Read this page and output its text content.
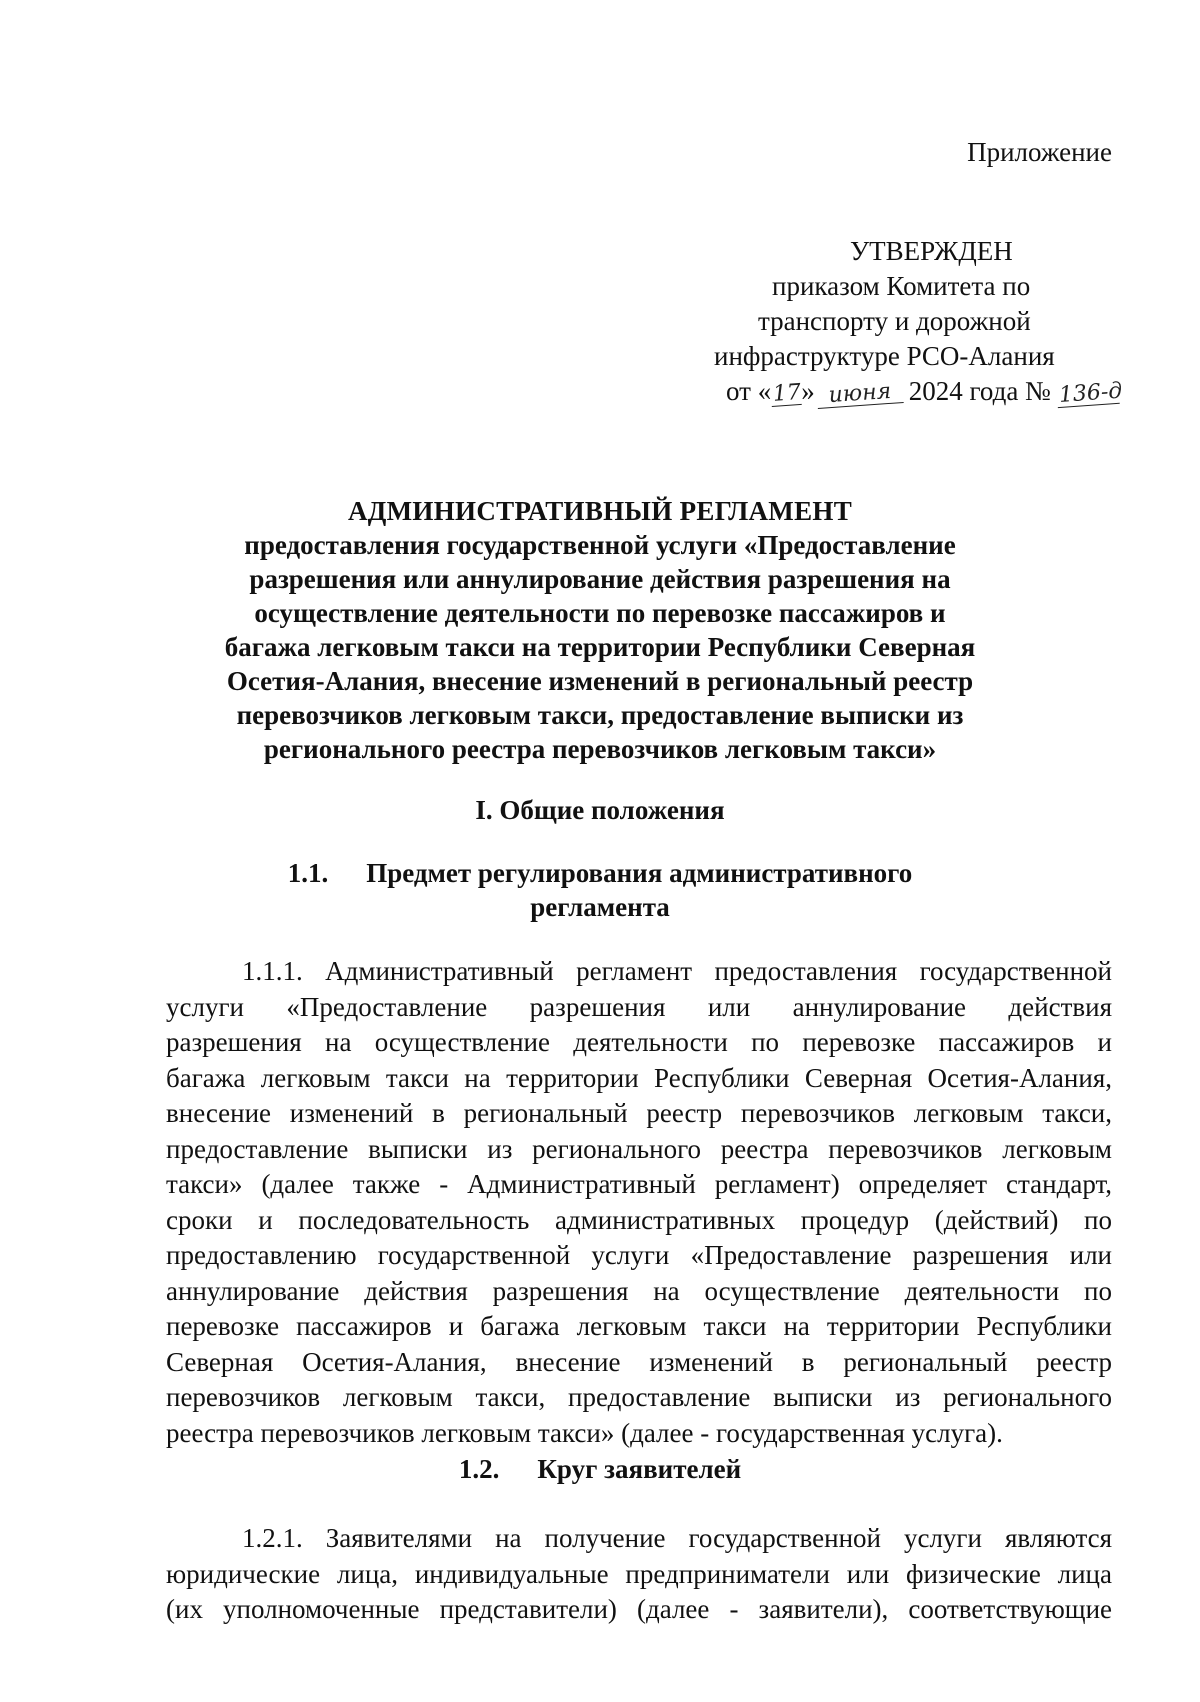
Приложение
УТВЕРЖДЕН
приказом Комитета по
транспорту и дорожной
инфраструктуре РСО-Алания
от «17» июня 2024 года № 136-д
АДМИНИСТРАТИВНЫЙ РЕГЛАМЕНТ
предоставления государственной услуги «Предоставление
разрешения или аннулирование действия разрешения на
осуществление деятельности по перевозке пассажиров и
багажа легковым такси на территории Республики Северная
Осетия-Алания, внесение изменений в региональный реестр
перевозчиков легковым такси, предоставление выписки из
регионального реестра перевозчиков легковым такси»
I. Общие положения
1.1. Предмет регулирования административного
регламента
1.1.1. Административный регламент предоставления государственной
услуги «Предоставление разрешения или аннулирование действия
разрешения на осуществление деятельности по перевозке пассажиров и
багажа легковым такси на территории Республики Северная Осетия-Алания,
внесение изменений в региональный реестр перевозчиков легковым такси,
предоставление выписки из регионального реестра перевозчиков легковым
такси» (далее также - Административный регламент) определяет стандарт,
сроки и последовательность административных процедур (действий) по
предоставлению государственной услуги «Предоставление разрешения или
аннулирование действия разрешения на осуществление деятельности по
перевозке пассажиров и багажа легковым такси на территории Республики
Северная Осетия-Алания, внесение изменений в региональный реестр
перевозчиков легковым такси, предоставление выписки из регионального
реестра перевозчиков легковым такси» (далее - государственная услуга).
1.2. Круг заявителей
1.2.1. Заявителями на получение государственной услуги являются
юридические лица, индивидуальные предприниматели или физические лица
(их уполномоченные представители) (далее - заявители), соответствующие
